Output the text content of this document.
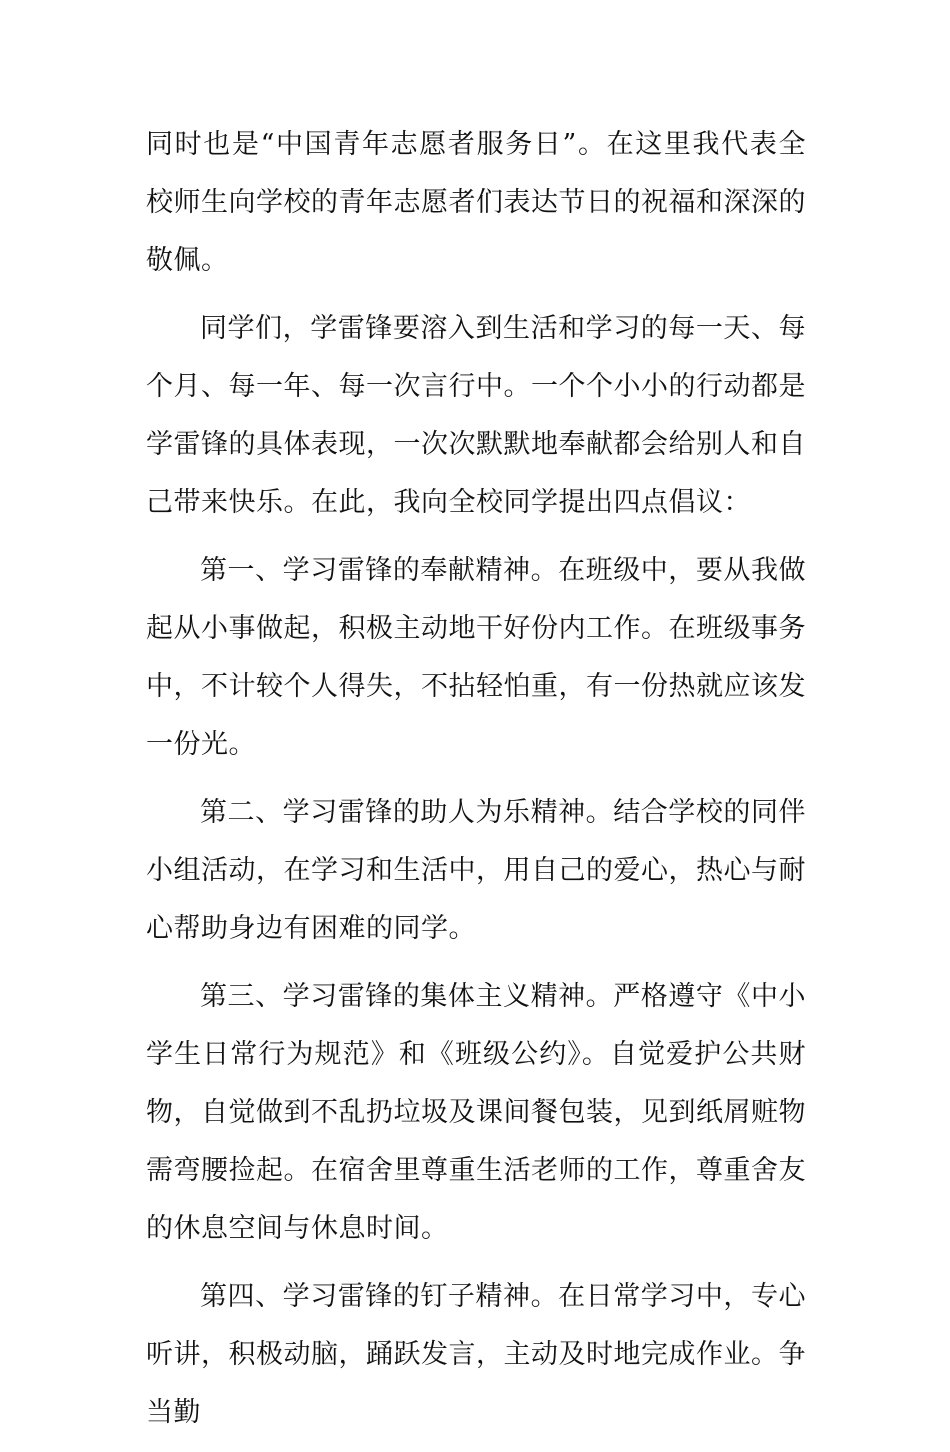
同时也是“中国青年志愿者服务日”。在这里我代表全校师生向学校的青年志愿者们表达节日的祝福和深深的敬佩。

同学们，学雷锋要溶入到生活和学习的每一天、每个月、每一年、每一次言行中。一个个小小的行动都是学雷锋的具体表现，一次次默默地奉献都会给别人和自己带来快乐。在此，我向全校同学提出四点倡议：

第一、学习雷锋的奉献精神。在班级中，要从我做起从小事做起，积极主动地干好份内工作。在班级事务中，不计较个人得失，不拈轻怕重，有一份热就应该发一份光。

第二、学习雷锋的助人为乐精神。结合学校的同伴小组活动，在学习和生活中，用自己的爱心，热心与耐心帮助身边有困难的同学。

第三、学习雷锋的集体主义精神。严格遵守《中小学生日常行为规范》和《班级公约》。自觉爱护公共财物，自觉做到不乱扔垃圾及课间餐包装，见到纸屑赃物需弯腰捡起。在宿舍里尊重生活老师的工作，尊重舍友的休息空间与休息时间。

第四、学习雷锋的钉子精神。在日常学习中，专心听讲，积极动脑，踊跃发言，主动及时地完成作业。争当勤
